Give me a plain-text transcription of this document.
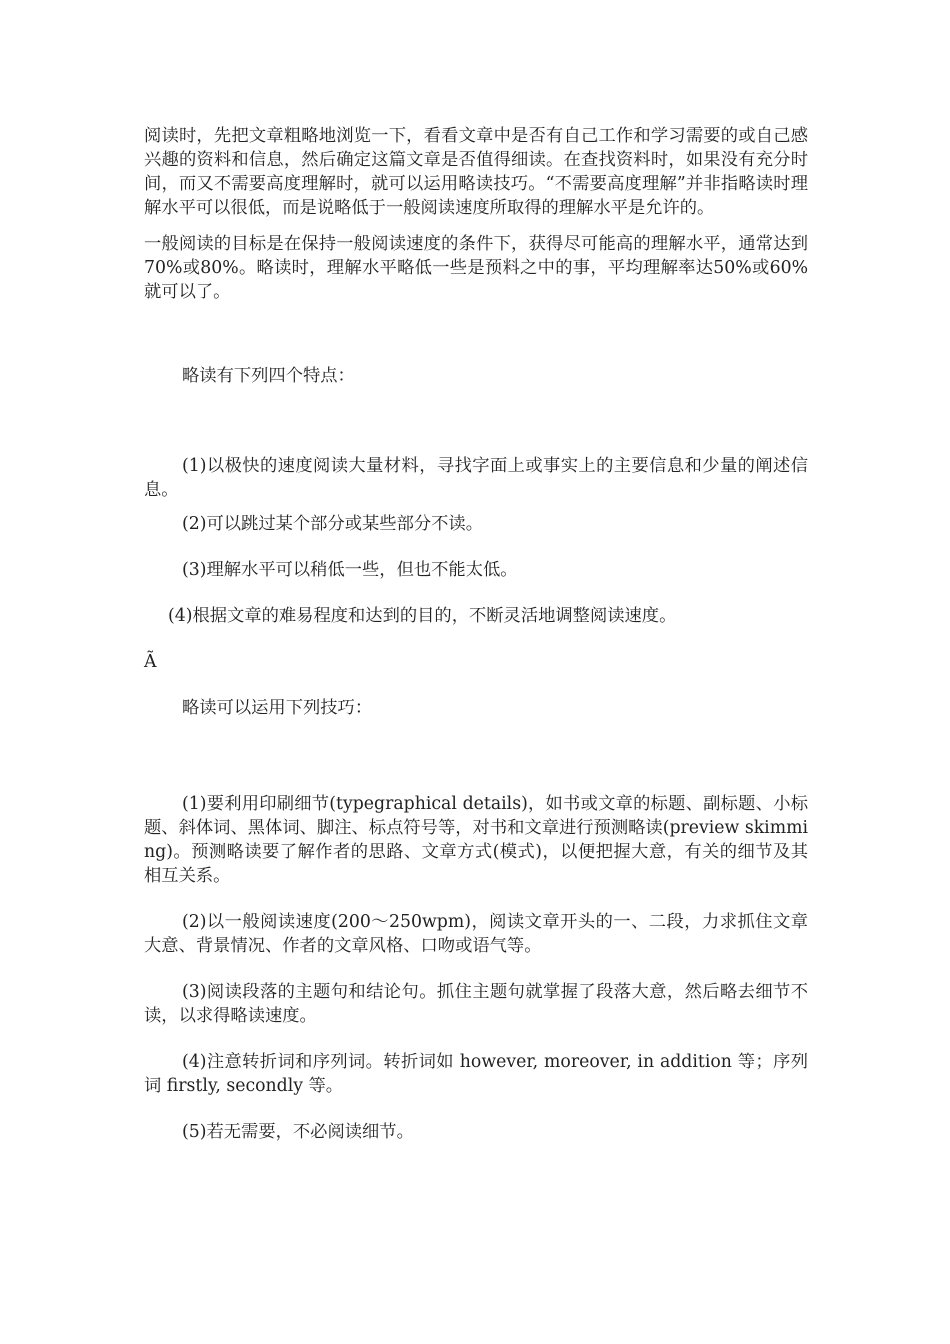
阅读时，先把文章粗略地浏览一下，看看文章中是否有自己工作和学习需要的或自己感兴趣的资料和信息，然后确定这篇文章是否值得细读。在查找资料时，如果没有充分时间，而又不需要高度理解时，就可以运用略读技巧。“不需要高度理解”并非指略读时理解水平可以很低，而是说略低于一般阅读速度所取得的理解水平是允许的。

一般阅读的目标是在保持一般阅读速度的条件下，获得尽可能高的理解水平，通常达到70%或80%。略读时，理解水平略低一些是预料之中的事，平均理解率达50%或60%就可以了。

略读有下列四个特点：

(1)以极快的速度阅读大量材料，寻找字面上或事实上的主要信息和少量的阐述信息。

(2)可以跳过某个部分或某些部分不读。

(3)理解水平可以稍低一些，但也不能太低。

(4)根据文章的难易程度和达到的目的，不断灵活地调整阅读速度。

Ã

略读可以运用下列技巧：

(1)要利用印刷细节(typegraphical details)，如书或文章的标题、副标题、小标题、斜体词、黑体词、脚注、标点符号等，对书和文章进行预测略读(preview skimming)。预测略读要了解作者的思路、文章方式(模式)，以便把握大意，有关的细节及其相互关系。

(2)以一般阅读速度(200～250wpm)，阅读文章开头的一、二段，力求抓住文章大意、背景情况、作者的文章风格、口吻或语气等。

(3)阅读段落的主题句和结论句。抓住主题句就掌握了段落大意，然后略去细节不读，以求得略读速度。

(4)注意转折词和序列词。转折词如 however, moreover, in addition 等；序列词 firstly, secondly 等。

(5)若无需要，不必阅读细节。
